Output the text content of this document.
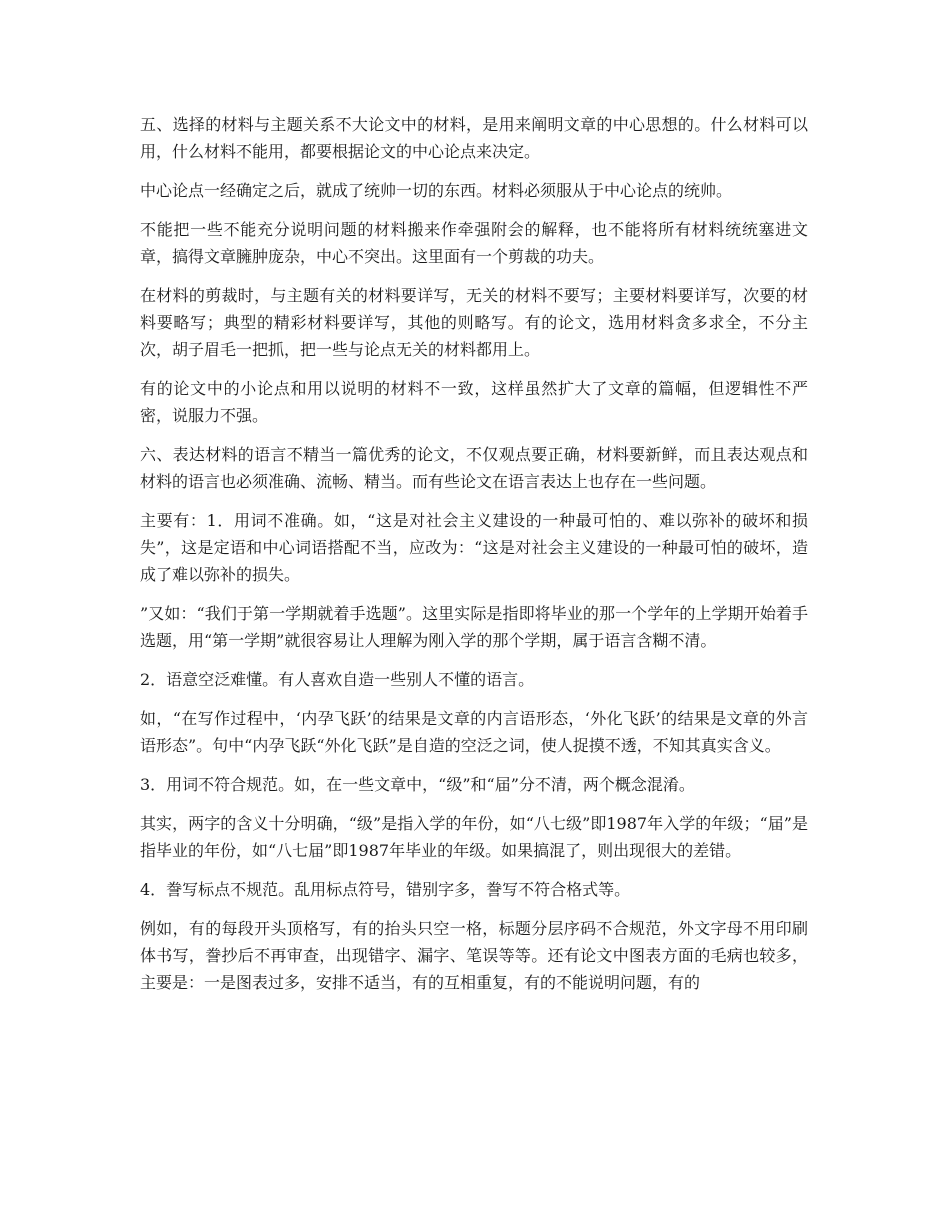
五、选择的材料与主题关系不大论文中的材料，是用来阐明文章的中心思想的。什么材料可以用，什么材料不能用，都要根据论文的中心论点来决定。

中心论点一经确定之后，就成了统帅一切的东西。材料必须服从于中心论点的统帅。

不能把一些不能充分说明问题的材料搬来作牵强附会的解释，也不能将所有材料统统塞进文章，搞得文章臃肿庞杂，中心不突出。这里面有一个剪裁的功夫。

在材料的剪裁时，与主题有关的材料要详写，无关的材料不要写；主要材料要详写，次要的材料要略写；典型的精彩材料要详写，其他的则略写。有的论文，选用材料贪多求全，不分主次，胡子眉毛一把抓，把一些与论点无关的材料都用上。

有的论文中的小论点和用以说明的材料不一致，这样虽然扩大了文章的篇幅，但逻辑性不严密，说服力不强。

六、表达材料的语言不精当一篇优秀的论文，不仅观点要正确，材料要新鲜，而且表达观点和材料的语言也必须准确、流畅、精当。而有些论文在语言表达上也存在一些问题。

主要有：1．用词不准确。如，“这是对社会主义建设的一种最可怕的、难以弥补的破坏和损失”，这是定语和中心词语搭配不当，应改为：“这是对社会主义建设的一种最可怕的破坏，造成了难以弥补的损失。

”又如：“我们于第一学期就着手选题”。这里实际是指即将毕业的那一个学年的上学期开始着手选题，用“第一学期”就很容易让人理解为刚入学的那个学期，属于语言含糊不清。

2．语意空泛难懂。有人喜欢自造一些别人不懂的语言。

如，“在写作过程中，‘内孕飞跃’的结果是文章的内言语形态，‘外化飞跃’的结果是文章的外言语形态”。句中“内孕飞跃“外化飞跃”是自造的空泛之词，使人捉摸不透，不知其真实含义。

3．用词不符合规范。如，在一些文章中，“级”和“届”分不清，两个概念混淆。

其实，两字的含义十分明确，“级”是指入学的年份，如“八七级”即1987年入学的年级；“届”是指毕业的年份，如“八七届”即1987年毕业的年级。如果搞混了，则出现很大的差错。

4．誊写标点不规范。乱用标点符号，错别字多，誊写不符合格式等。

例如，有的每段开头顶格写，有的抬头只空一格，标题分层序码不合规范，外文字母不用印刷体书写，誊抄后不再审查，出现错字、漏字、笔误等等。还有论文中图表方面的毛病也较多，主要是：一是图表过多，安排不适当，有的互相重复，有的不能说明问题，有的
